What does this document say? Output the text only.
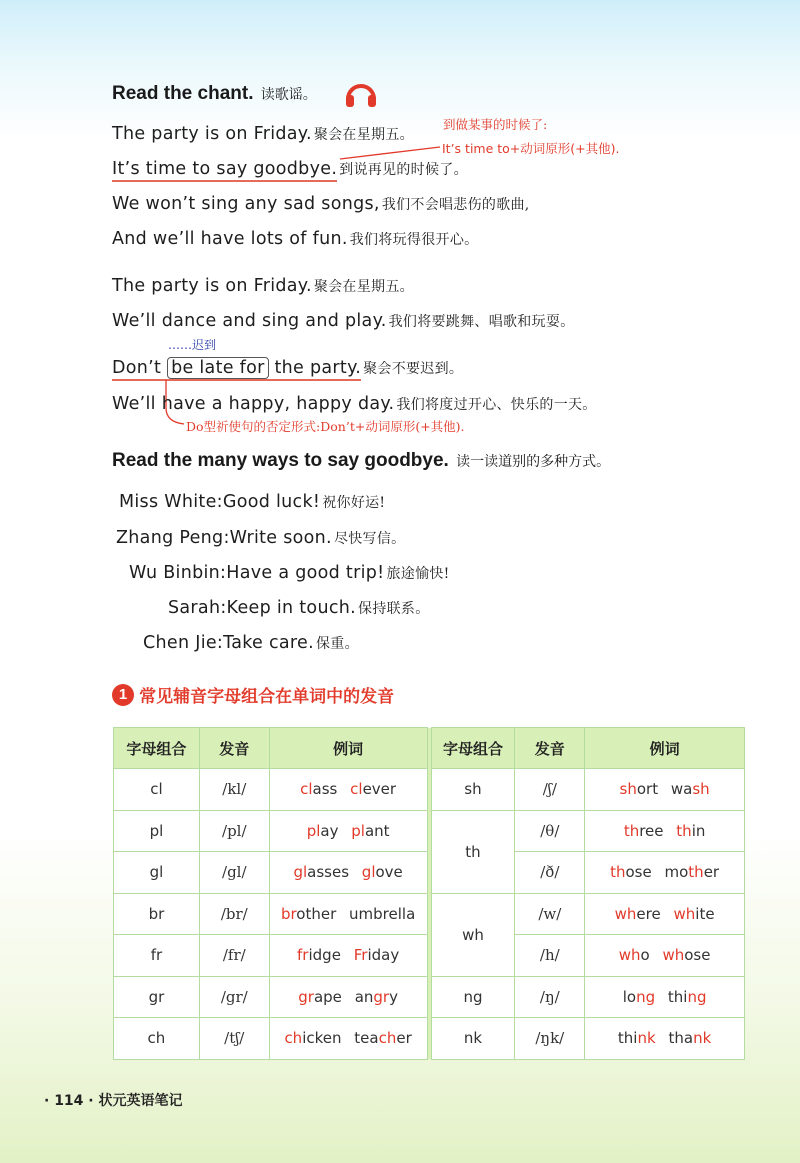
Read the chant. 读歌谣。
The party is on Friday. 聚会在星期五。
到做某事的时候了:
It’s time to+动词原形(+其他).
It’s time to say goodbye. 到说再见的时候了。
We won’t sing any sad songs, 我们不会唱悲伤的歌曲,
And we’ll have lots of fun. 我们将玩得很开心。
The party is on Friday. 聚会在星期五。
We’ll dance and sing and play. 我们将要跳舞、唱歌和玩耍。
……迟到
Don’t be late for the party. 聚会不要迟到。
We’ll have a happy, happy day. 我们将度过开心、快乐的一天。
Do型祈使句的否定形式:Don’t+动词原形(+其他).
Read the many ways to say goodbye. 读一读道别的多种方式。
Miss White:Good luck! 祝你好运!
Zhang Peng:Write soon. 尽快写信。
Wu Binbin:Have a good trip! 旅途愉快!
Sarah:Keep in touch. 保持联系。
Chen Jie:Take care. 保重。
1 常见辅音字母组合在单词中的发音
字母组合	发音	例词		字母组合	发音	例词
cl	/kl/	class clever		sh	/ʃ/	short wash
pl	/pl/	play plant		th	/θ/	three thin
gl	/gl/	glasses glove			/ð/	those mother
br	/br/	brother umbrella		wh	/w/	where white
fr	/fr/	fridge Friday			/h/	who whose
gr	/gr/	grape angry		ng	/ŋ/	long thing
ch	/tʃ/	chicken teacher		nk	/ŋk/	think thank
· 114 · 状元英语笔记
